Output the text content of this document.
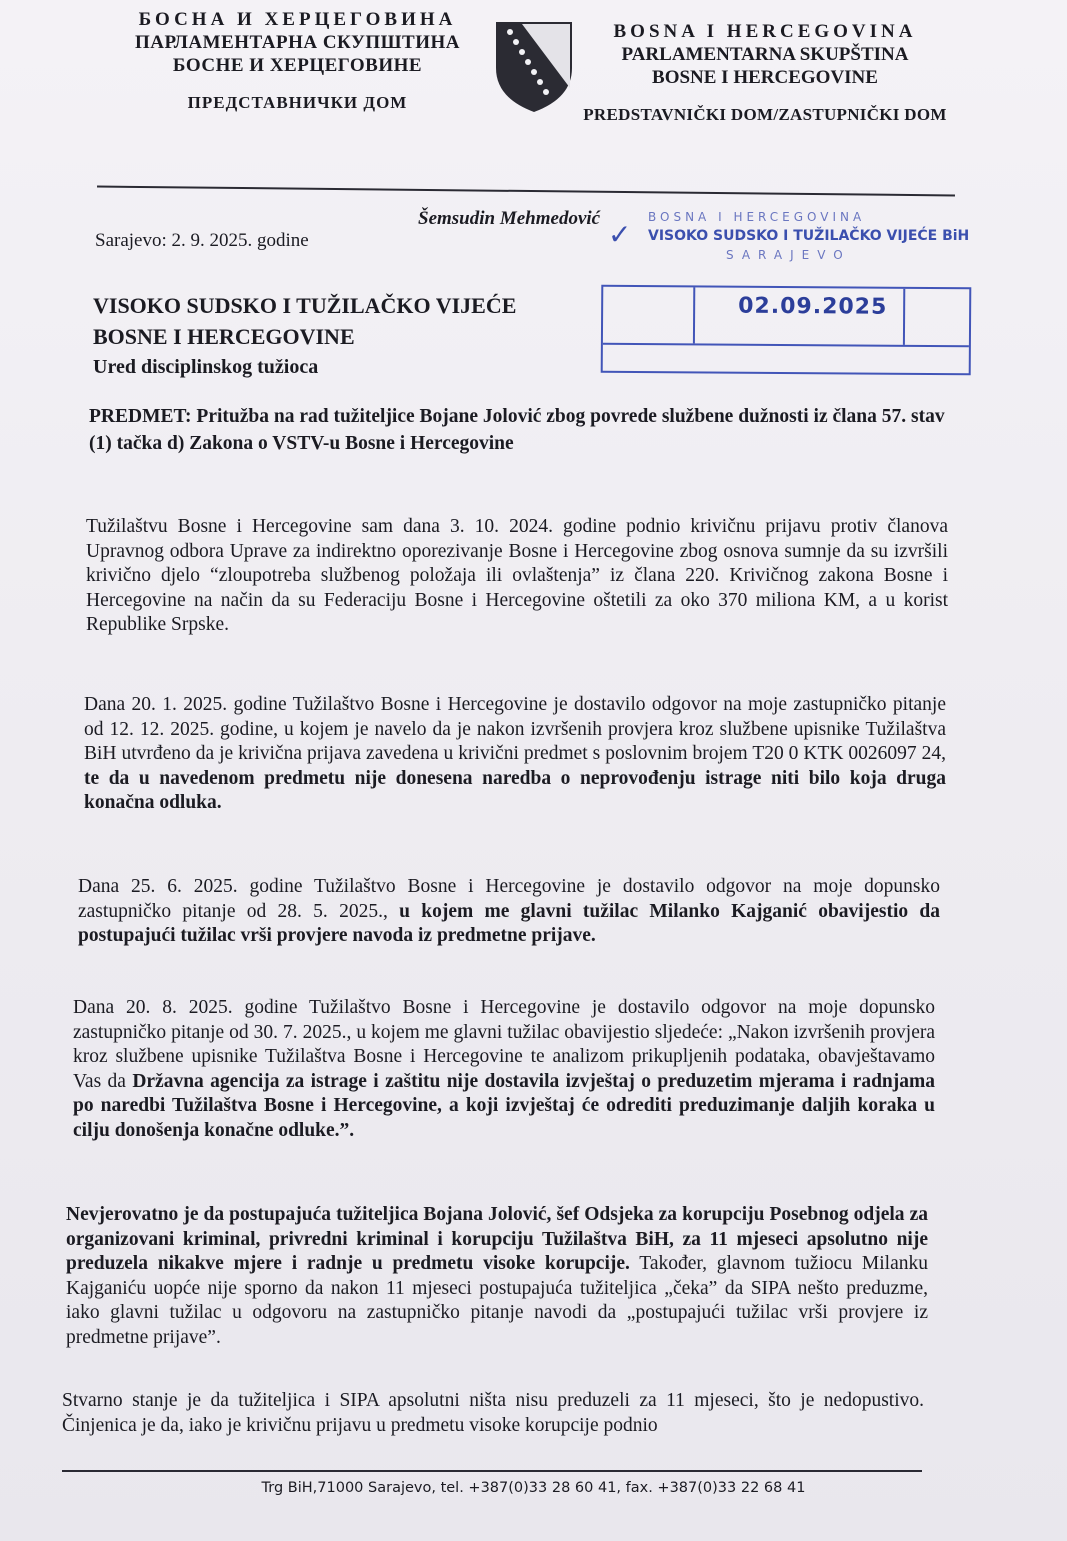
БОСНА И ХЕРЦЕГОВИНА
ПАРЛАМЕНТАРНА СКУПШТИНА
БОСНЕ И ХЕРЦЕГОВИНЕ
ПРЕДСТАВНИЧКИ ДОМ
BOSNA I HERCEGOVINA
PARLAMENTARNA SKUPŠTINA
BOSNE I HERCEGOVINE
PREDSTAVNIČKI DOM/ZASTUPNIČKI DOM
Šemsudin Mehmedović
Sarajevo: 2. 9. 2025. godine	✓
BOSNA I HERCEGOVINA
VISOKO SUDSKO I TUŽILAČKO VIJEĆE BiH
SARAJEVO
02.09.2025
VISOKO SUDSKO I TUŽILAČKO VIJEĆE
BOSNE I HERCEGOVINE
Ured disciplinskog tužioca
PREDMET: Pritužba na rad tužiteljice Bojane Jolović zbog povrede službene dužnosti iz člana 57. stav (1) tačka d) Zakona o VSTV-u Bosne i Hercegovine
Tužilaštvu Bosne i Hercegovine sam dana 3. 10. 2024. godine podnio krivičnu prijavu protiv članova Upravnog odbora Uprave za indirektno oporezivanje Bosne i Hercegovine zbog osnova sumnje da su izvršili krivično djelo “zloupotreba službenog položaja ili ovlaštenja” iz člana 220. Krivičnog zakona Bosne i Hercegovine na način da su Federaciju Bosne i Hercegovine oštetili za oko 370 miliona KM, a u korist Republike Srpske.
Dana 20. 1. 2025. godine Tužilaštvo Bosne i Hercegovine je dostavilo odgovor na moje zastupničko pitanje od 12. 12. 2025. godine, u kojem je navelo da je nakon izvršenih provjera kroz službene upisnike Tužilaštva BiH utvrđeno da je krivična prijava zavedena u krivični predmet s poslovnim brojem T20 0 KTK 0026097 24, te da u navedenom predmetu nije donesena naredba o neprovođenju istrage niti bilo koja druga konačna odluka.
Dana 25. 6. 2025. godine Tužilaštvo Bosne i Hercegovine je dostavilo odgovor na moje dopunsko zastupničko pitanje od 28. 5. 2025., u kojem me glavni tužilac Milanko Kajganić obavijestio da postupajući tužilac vrši provjere navoda iz predmetne prijave.
Dana 20. 8. 2025. godine Tužilaštvo Bosne i Hercegovine je dostavilo odgovor na moje dopunsko zastupničko pitanje od 30. 7. 2025., u kojem me glavni tužilac obavijestio sljedeće: „Nakon izvršenih provjera kroz službene upisnike Tužilaštva Bosne i Hercegovine te analizom prikupljenih podataka, obavještavamo Vas da Državna agencija za istrage i zaštitu nije dostavila izvještaj o preduzetim mjerama i radnjama po naredbi Tužilaštva Bosne i Hercegovine, a koji izvještaj će odrediti preduzimanje daljih koraka u cilju donošenja konačne odluke.”.
Nevjerovatno je da postupajuća tužiteljica Bojana Jolović, šef Odsjeka za korupciju Posebnog odjela za organizovani kriminal, privredni kriminal i korupciju Tužilaštva BiH, za 11 mjeseci apsolutno nije preduzela nikakve mjere i radnje u predmetu visoke korupcije. Također, glavnom tužiocu Milanku Kajganiću uopće nije sporno da nakon 11 mjeseci postupajuća tužiteljica „čeka” da SIPA nešto preduzme, iako glavni tužilac u odgovoru na zastupničko pitanje navodi da „postupajući tužilac vrši provjere iz predmetne prijave”.
Stvarno stanje je da tužiteljica i SIPA apsolutni ništa nisu preduzeli za 11 mjeseci, što je nedopustivo. Činjenica je da, iako je krivičnu prijavu u predmetu visoke korupcije podnio
Trg BiH,71000 Sarajevo, tel. +387(0)33 28 60 41, fax. +387(0)33 22 68 41
